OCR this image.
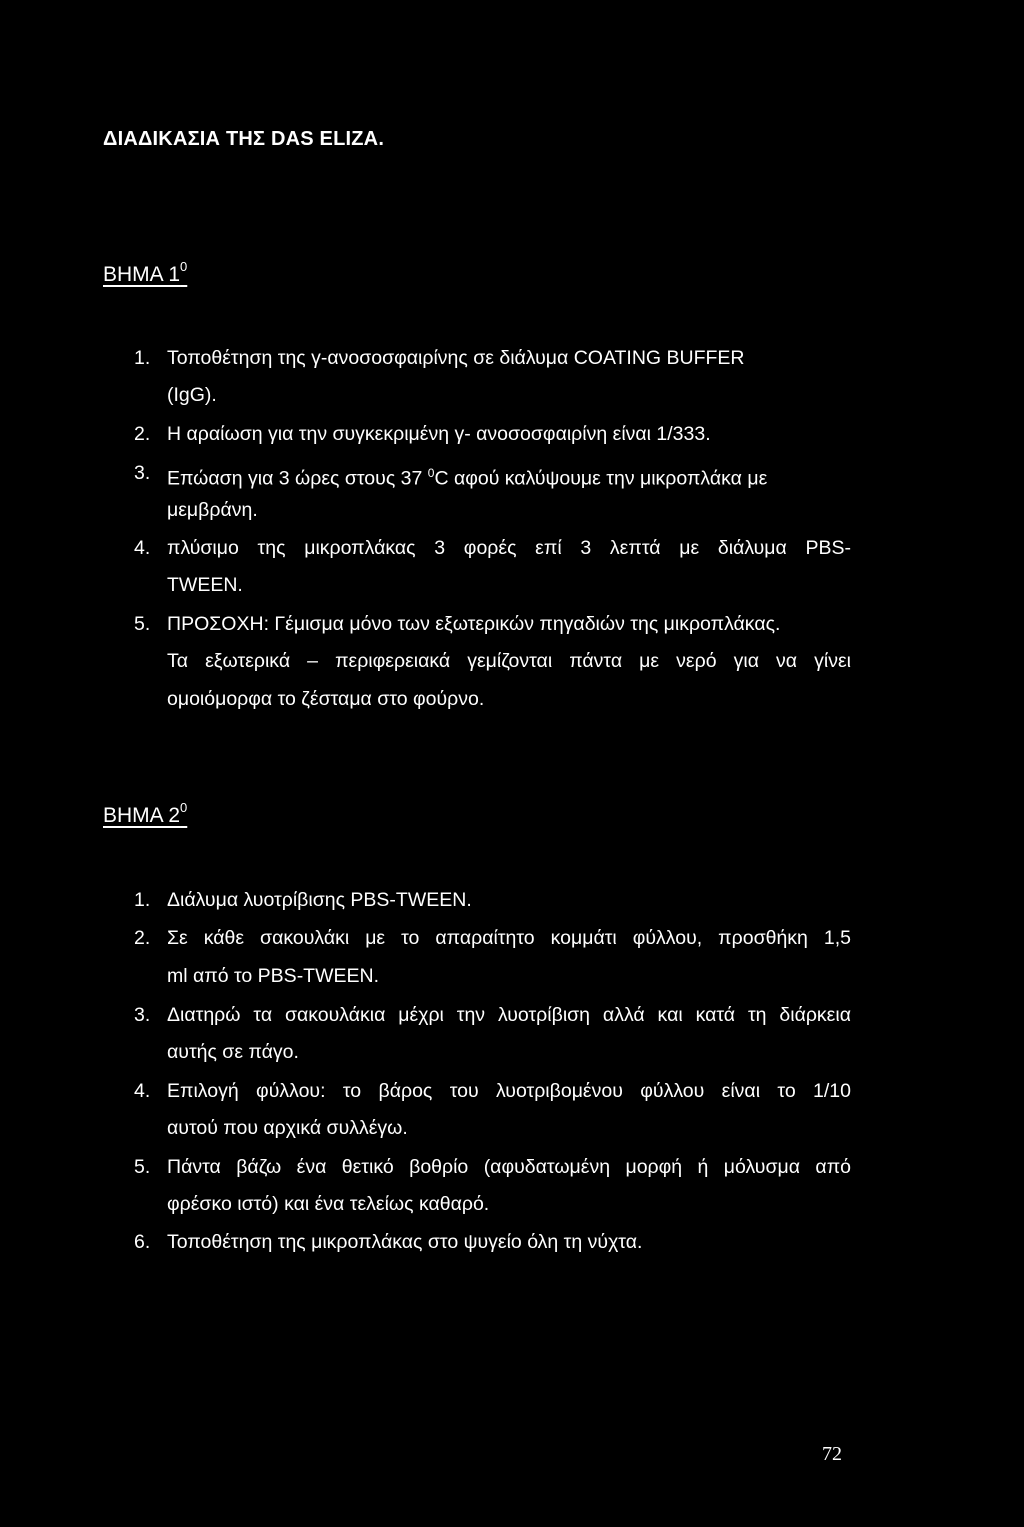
ΔΙΑΔΙΚΑΣΙΑ ΤΗΣ DAS ELIZA.
ΒΗΜΑ $1^0$
1. Τοποθέτηση της γ-ανοσοσφαιρίνης σε διάλυμα COATING BUFFER
(IgG).
2. Η αραίωση για την συγκεκριμένη γ- ανοσοσφαιρίνη είναι 1/333.
3. Επώαση για 3 ώρες στους 37 $^0$C αφού καλύψουμε την μικροπλάκα με
μεμβράνη.
4. πλύσιμο της μικροπλάκας 3 φορές επί 3 λεπτά με διάλυμα PBS-
TWEEN.
5. ΠΡΟΣΟΧΗ: Γέμισμα μόνο των εξωτερικών πηγαδιών της μικροπλάκας.
Τα εξωτερικά – περιφερειακά γεμίζονται πάντα με νερό για να γίνει
ομοιόμορφα το ζέσταμα στο φούρνο.
ΒΗΜΑ $2^0$
1. Διάλυμα λυοτρίβισης PBS-TWEEN.
2. Σε κάθε σακουλάκι με το απαραίτητο κομμάτι φύλλου, προσθήκη 1,5
ml από το PBS-TWEEN.
3. Διατηρώ τα σακουλάκια μέχρι την λυοτρίβιση αλλά και κατά τη διάρκεια
αυτής σε πάγο.
4. Επιλογή φύλλου: το βάρος του λυοτριβομένου φύλλου είναι το 1/10
αυτού που αρχικά συλλέγω.
5. Πάντα βάζω ένα θετικό βοθρίο (αφυδατωμένη μορφή ή μόλυσμα από
φρέσκο ιστό) και ένα τελείως καθαρό.
6. Τοποθέτηση της μικροπλάκας στο ψυγείο όλη τη νύχτα.
72
